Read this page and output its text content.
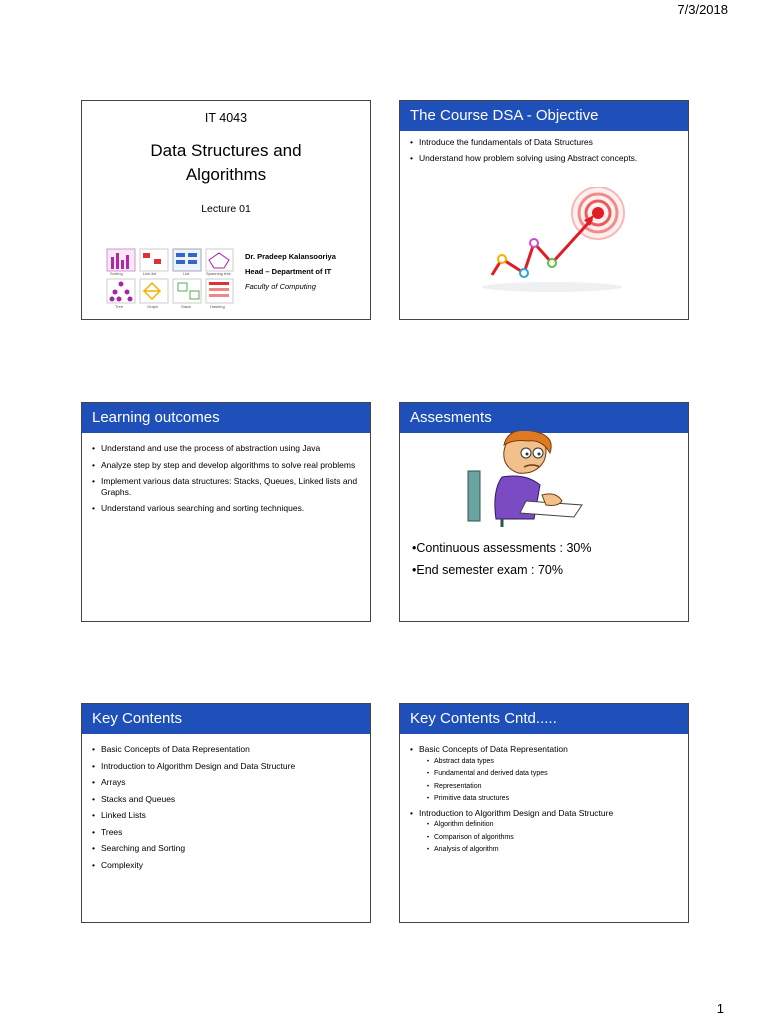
7/3/2018
IT 4043
Data Structures and
Algorithms
Lecture 01
Sorting	Link list	List	Spanning tree
Tree	Graph	Stack	Hashing
Dr. Pradeep Kalansooriya
Head – Department of IT
Faculty of Computing
The Course DSA - Objective
• Introduce the fundamentals of Data Structures
• Understand how problem solving using Abstract concepts.
Learning outcomes
• Understand and use the process of abstraction using Java
• Analyze step by step and develop algorithms to solve real problems
• Implement various data structures: Stacks, Queues, Linked lists and Graphs.
• Understand various searching and sorting techniques.
Assesments
•Continuous assessments : 30%
•End semester exam : 70%
Key Contents
• Basic Concepts of Data Representation
• Introduction to Algorithm Design and Data Structure
• Arrays
• Stacks and Queues
• Linked Lists
• Trees
• Searching and Sorting
• Complexity
Key Contents Cntd.....
• Basic Concepts of Data Representation
• Abstract data types
• Fundamental and derived data types
• Representation
• Primitive data structures
• Introduction to Algorithm Design and Data Structure
• Algorithm definition
• Comparison of algorithms
• Analysis of algorithm
1
